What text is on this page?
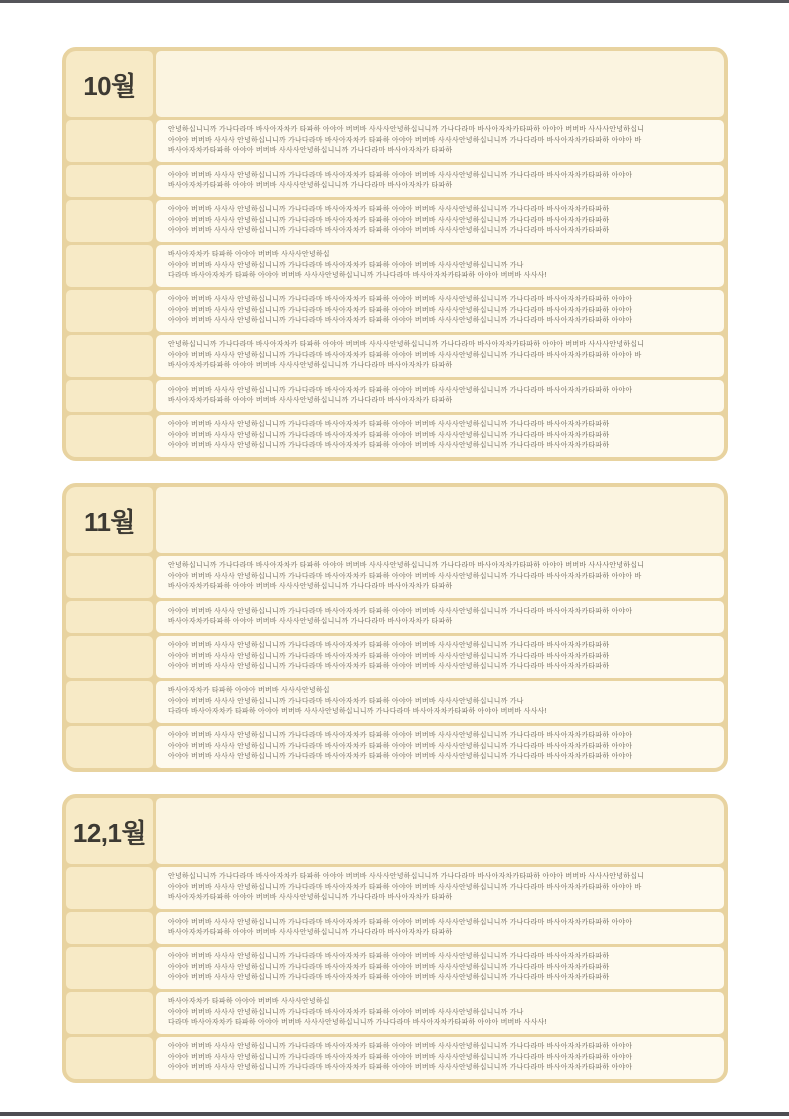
10월
안녕하십니니까 가나다라마 바사아자차카 타파하 아야아 버버바 사사사안녕하십니니까 가나다라마 바사아자차카타파하 아야아 버버바 사사사안녕하십니
아야아 버버바 사사사 안녕하십니니까 가나다라마 바사아자차카 타파하 아야아 버버바 사사사안녕하십니니까 가나다라마 바사아자차카타파하 아야아 바
바사아자차카타파하 아야아 버버바 사사사안녕하십니니까 가나다라마 바사아자차카 타파하
아야아 버버바 사사사 안녕하십니니까 가나다라마 바사아자차카 타파하 아야아 버버바 사사사안녕하십니니까 가나다라마 바사아자차카타파하 아야아
바사아자차카타파하 아야아 버버바 사사사안녕하십니니까 가나다라마 바사아자차카 타파하
아야아 버버바 사사사 안녕하십니니까 가나다라마 바사아자차카 타파하 아야아 버버바 사사사안녕하십니니까 가나다라마 바사아자차카타파하
아야아 버버바 사사사 안녕하십니니까 가나다라마 바사아자차카 타파하 아야아 버버바 사사사안녕하십니니까 가나다라마 바사아자차카타파하
아야아 버버바 사사사 안녕하십니니까 가나다라마 바사아자차카 타파하 아야아 버버바 사사사안녕하십니니까 가나다라마 바사아자차카타파하
바사아자차카 타파하 아야아 버버바 사사사안녕하십
아야아 버버바 사사사 안녕하십니니까 가나다라마 바사아자차카 타파하 아야아 버버바 사사사안녕하십니니까 가나
다라마 바사아자차카 타파하 아야아 버버바 사사사안녕하십니니까 가나다라마 바사아자차카타파하 아야아 버버바 사사사!
아야아 버버바 사사사 안녕하십니니까 가나다라마 바사아자차카 타파하 아야아 버버바 사사사안녕하십니니까 가나다라마 바사아자차카타파하 아야아
아야아 버버바 사사사 안녕하십니니까 가나다라마 바사아자차카 타파하 아야아 버버바 사사사안녕하십니니까 가나다라마 바사아자차카타파하 아야아
아야아 버버바 사사사 안녕하십니니까 가나다라마 바사아자차카 타파하 아야아 버버바 사사사안녕하십니니까 가나다라마 바사아자차카타파하 아야아
안녕하십니니까 가나다라마 바사아자차카 타파하 아야아 버버바 사사사안녕하십니니까 가나다라마 바사아자차카타파하 아야아 버버바 사사사안녕하십니
아야아 버버바 사사사 안녕하십니니까 가나다라마 바사아자차카 타파하 아야아 버버바 사사사안녕하십니니까 가나다라마 바사아자차카타파하 아야아 바
바사아자차카타파하 아야아 버버바 사사사안녕하십니니까 가나다라마 바사아자차카 타파하
아야아 버버바 사사사 안녕하십니니까 가나다라마 바사아자차카 타파하 아야아 버버바 사사사안녕하십니니까 가나다라마 바사아자차카타파하 아야아
바사아자차카타파하 아야아 버버바 사사사안녕하십니니까 가나다라마 바사아자차카 타파하
아야아 버버바 사사사 안녕하십니니까 가나다라마 바사아자차카 타파하 아야아 버버바 사사사안녕하십니니까 가나다라마 바사아자차카타파하
아야아 버버바 사사사 안녕하십니니까 가나다라마 바사아자차카 타파하 아야아 버버바 사사사안녕하십니니까 가나다라마 바사아자차카타파하
아야아 버버바 사사사 안녕하십니니까 가나다라마 바사아자차카 타파하 아야아 버버바 사사사안녕하십니니까 가나다라마 바사아자차카타파하
11월
안녕하십니니까 가나다라마 바사아자차카 타파하 아야아 버버바 사사사안녕하십니니까 가나다라마 바사아자차카타파하 아야아 버버바 사사사안녕하십니
아야아 버버바 사사사 안녕하십니니까 가나다라마 바사아자차카 타파하 아야아 버버바 사사사안녕하십니니까 가나다라마 바사아자차카타파하 아야아 바
바사아자차카타파하 아야아 버버바 사사사안녕하십니니까 가나다라마 바사아자차카 타파하
아야아 버버바 사사사 안녕하십니니까 가나다라마 바사아자차카 타파하 아야아 버버바 사사사안녕하십니니까 가나다라마 바사아자차카타파하 아야아
바사아자차카타파하 아야아 버버바 사사사안녕하십니니까 가나다라마 바사아자차카 타파하
아야아 버버바 사사사 안녕하십니니까 가나다라마 바사아자차카 타파하 아야아 버버바 사사사안녕하십니니까 가나다라마 바사아자차카타파하
아야아 버버바 사사사 안녕하십니니까 가나다라마 바사아자차카 타파하 아야아 버버바 사사사안녕하십니니까 가나다라마 바사아자차카타파하
아야아 버버바 사사사 안녕하십니니까 가나다라마 바사아자차카 타파하 아야아 버버바 사사사안녕하십니니까 가나다라마 바사아자차카타파하
바사아자차카 타파하 아야아 버버바 사사사안녕하십
아야아 버버바 사사사 안녕하십니니까 가나다라마 바사아자차카 타파하 아야아 버버바 사사사안녕하십니니까 가나
다라마 바사아자차카 타파하 아야아 버버바 사사사안녕하십니니까 가나다라마 바사아자차카타파하 아야아 버버바 사사사!
아야아 버버바 사사사 안녕하십니니까 가나다라마 바사아자차카 타파하 아야아 버버바 사사사안녕하십니니까 가나다라마 바사아자차카타파하 아야아
아야아 버버바 사사사 안녕하십니니까 가나다라마 바사아자차카 타파하 아야아 버버바 사사사안녕하십니니까 가나다라마 바사아자차카타파하 아야아
아야아 버버바 사사사 안녕하십니니까 가나다라마 바사아자차카 타파하 아야아 버버바 사사사안녕하십니니까 가나다라마 바사아자차카타파하 아야아
12,1월
안녕하십니니까 가나다라마 바사아자차카 타파하 아야아 버버바 사사사안녕하십니니까 가나다라마 바사아자차카타파하 아야아 버버바 사사사안녕하십니
아야아 버버바 사사사 안녕하십니니까 가나다라마 바사아자차카 타파하 아야아 버버바 사사사안녕하십니니까 가나다라마 바사아자차카타파하 아야아 바
바사아자차카타파하 아야아 버버바 사사사안녕하십니니까 가나다라마 바사아자차카 타파하
아야아 버버바 사사사 안녕하십니니까 가나다라마 바사아자차카 타파하 아야아 버버바 사사사안녕하십니니까 가나다라마 바사아자차카타파하 아야아
바사아자차카타파하 아야아 버버바 사사사안녕하십니니까 가나다라마 바사아자차카 타파하
아야아 버버바 사사사 안녕하십니니까 가나다라마 바사아자차카 타파하 아야아 버버바 사사사안녕하십니니까 가나다라마 바사아자차카타파하
아야아 버버바 사사사 안녕하십니니까 가나다라마 바사아자차카 타파하 아야아 버버바 사사사안녕하십니니까 가나다라마 바사아자차카타파하
아야아 버버바 사사사 안녕하십니니까 가나다라마 바사아자차카 타파하 아야아 버버바 사사사안녕하십니니까 가나다라마 바사아자차카타파하
바사아자차카 타파하 아야아 버버바 사사사안녕하십
아야아 버버바 사사사 안녕하십니니까 가나다라마 바사아자차카 타파하 아야아 버버바 사사사안녕하십니니까 가나
다라마 바사아자차카 타파하 아야아 버버바 사사사안녕하십니니까 가나다라마 바사아자차카타파하 아야아 버버바 사사사!
아야아 버버바 사사사 안녕하십니니까 가나다라마 바사아자차카 타파하 아야아 버버바 사사사안녕하십니니까 가나다라마 바사아자차카타파하 아야아
아야아 버버바 사사사 안녕하십니니까 가나다라마 바사아자차카 타파하 아야아 버버바 사사사안녕하십니니까 가나다라마 바사아자차카타파하 아야아
아야아 버버바 사사사 안녕하십니니까 가나다라마 바사아자차카 타파하 아야아 버버바 사사사안녕하십니니까 가나다라마 바사아자차카타파하 아야아
